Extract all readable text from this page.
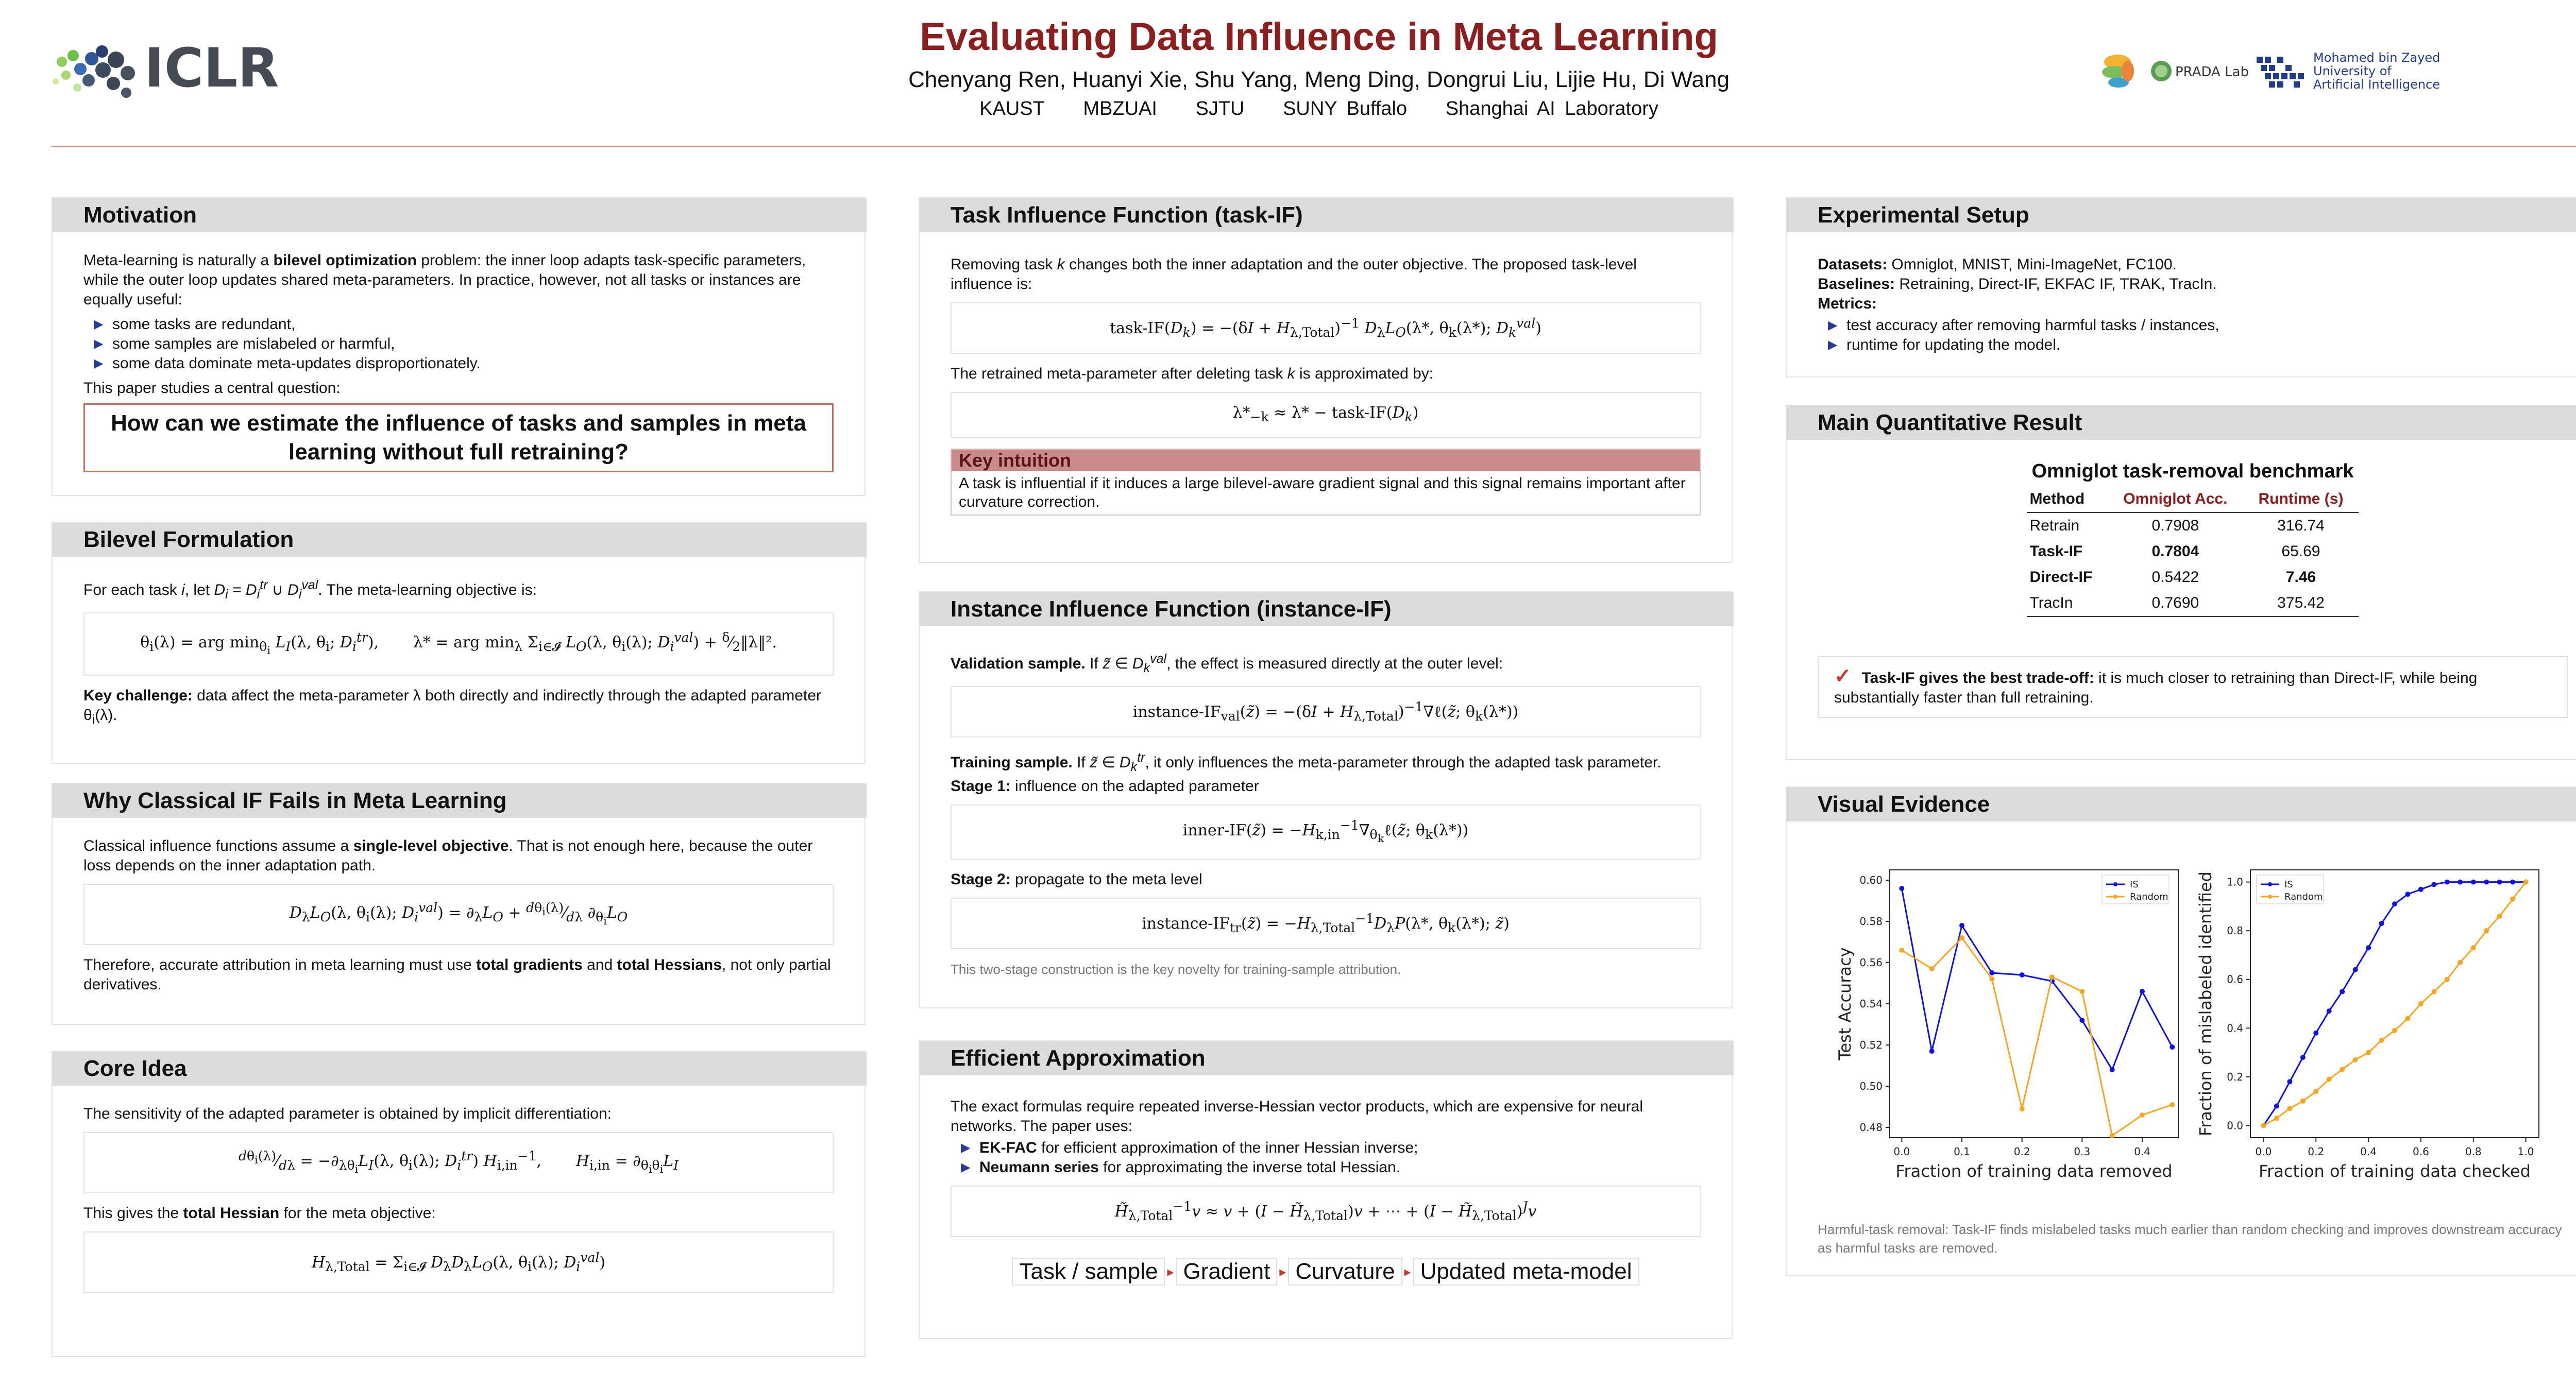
ICLR	Evaluating Data Influence in Meta Learning
Chenyang Ren, Huanyi Xie, Shu Yang, Meng Ding, Dongrui Liu, Lijie Hu, Di Wang
KAUST MBZUAI SJTU SUNY Buffalo Shanghai AI Laboratory
PRADA Lab
Mohamed bin Zayed
University of
Artificial Intelligence
Motivation

Meta-learning is naturally a bilevel optimization problem: the inner loop adapts task-specific parameters, while the outer loop updates shared meta-parameters. In practice, however, not all tasks or instances are equally useful:

▶ some tasks are redundant,
▶ some samples are mislabeled or harmful,
▶ some data dominate meta-updates disproportionately.

This paper studies a central question:

How can we estimate the influence of tasks and samples in meta learning without full retraining?
Bilevel Formulation

For each task i, let $D_i = D_i^{tr}$ ∪ $D_i^{val}$. The meta-learning objective is:

$\theta_i(\lambda)$ = arg $\min_{\theta_i} L_I(\lambda$, $\theta_i$; $D_i^{tr}$),       λ* = arg $\min_\lambda \Sigma_{i\in 𝓘}$ $L_O(\lambda$, $\theta_i(\lambda)$; $D_i^{val}$) + $^\delta⁄_2‖\lambda‖^2$.

Key challenge: data affect the meta-parameter λ both directly and indirectly through the adapted parameter $\theta_i(\lambda)$.

Why Classical IF Fails in Meta Learning

Classical influence functions assume a single-level objective. That is not enough here, because the outer loss depends on the inner adaptation path.

$D_\lambda L_O(\lambda$, $\theta_i(\lambda)$; $D_i^{val}) = \partial_\lambda L_O$ + $^{d\theta_i(\lambda)}⁄_{d\lambda}$ $\partial_{\theta_i}L_O$

Therefore, accurate attribution in meta learning must use total gradients and total Hessians, not only partial derivatives.

Core Idea

The sensitivity of the adapted parameter is obtained by implicit differentiation:

$^{d\theta_i(\lambda)}⁄_{d\lambda} = -\partial_{\lambda\theta_i}L_I(\lambda$, $\theta_i(\lambda)$; $D_i^{tr}$) $H_{i,in}^{-1}$,       $H_{i,in} = \partial_{\theta_i\theta_i}L_I$

This gives the total Hessian for the meta objective:

$H_{\lambda,Total} = \Sigma_{i\in 𝓘}$ $D_\lambda D_\lambda L_O(\lambda$, $\theta_i(\lambda)$; $D_i^{val}$)
Task Influence Function (task-IF)

Removing task k changes both the inner adaptation and the outer objective. The proposed task-level influence is:

task-$IF(D_k) = -(\delta I + H_{\lambda,Total})^{-1}$ $D_\lambda L_O(\lambda*$, $\theta_k(\lambda*)$; $D_k^{val}$)

The retrained meta-parameter after deleting task k is approximated by:

$\lambda*_{-k} \approx \lambda*$ − task-$IF(D_k)$
Key intuition
A task is influential if it induces a large bilevel-aware gradient signal and this signal remains important after curvature correction.
Instance Influence Function (instance-IF)

Validation sample. If z̃ ∈ $D_k^{val}$, the effect is measured directly at the outer level:

instance-$IF_{val}(z̃) = -(\delta I$ + $H_{\lambda,Total})^{-1}\nabla\ell(z̃$; $\theta_k(\lambda*)$)

Training sample. If z̃ ∈ $D_k^{tr}$, it only influences the meta-parameter through the adapted task parameter.

Stage 1: influence on the adapted parameter

inner-IF(z̃) = $-H_{k,in}^{-1}\nabla_{\theta_k}\ell(z̃$; $\theta_k(\lambda*)$)

Stage 2: propagate to the meta level

instance-$IF_{tr}(z̃) = -H_{\lambda,Total}^{-1}D_\lambda P(\lambda*$, $\theta_k(\lambda*)$; z̃)

This two-stage construction is the key novelty for training-sample attribution.

Efficient Approximation

The exact formulas require repeated inverse-Hessian vector products, which are expensive for neural networks. The paper uses:

▶ EK-FAC for efficient approximation of the inner Hessian inverse;
▶ Neumann series for approximating the inverse total Hessian.
$H̃_{\lambda,Total}^{-1}v \approx v + (I$ − $H̃_{\lambda,Total})v$ + ⋯ + $(I - H̃_{\lambda,Total})^Jv$
Task / sample ▸ Gradient ▸ Curvature ▸ Updated meta-model
Experimental Setup
Datasets: Omniglot, MNIST, Mini-ImageNet, FC100.
Baselines: Retraining, Direct-IF, EKFAC IF, TRAK, TracIn.
Metrics:
▶ test accuracy after removing harmful tasks / instances,
▶ runtime for updating the model.
Main Quantitative Result
Omniglot task-removal benchmark
Method	Omniglot Acc.	Runtime (s)
Retrain	0.7908	316.74
Task-IF	0.7804	65.69
Direct-IF	0.5422	7.46
TracIn	0.7690	375.42
✓ Task-IF gives the best trade-off: it is much closer to retraining than Direct-IF, while being substantially faster than full retraining.
Visual Evidence
0.0	0.1	0.2	0.3	0.4
0.48
0.50
0.52
0.54
0.56
0.58
0.60
Fraction of training data removed
Test Accuracy
IS
Random
0.0	0.2	0.4	0.6	0.8	1.0
0.0
0.2
0.4
0.6
0.8
1.0
Fraction of training data checked
Fraction of mislabeled identified	IS
Random
Harmful-task removal: Task-IF finds mislabeled tasks much earlier than random checking and improves downstream accuracy as harmful tasks are removed.
